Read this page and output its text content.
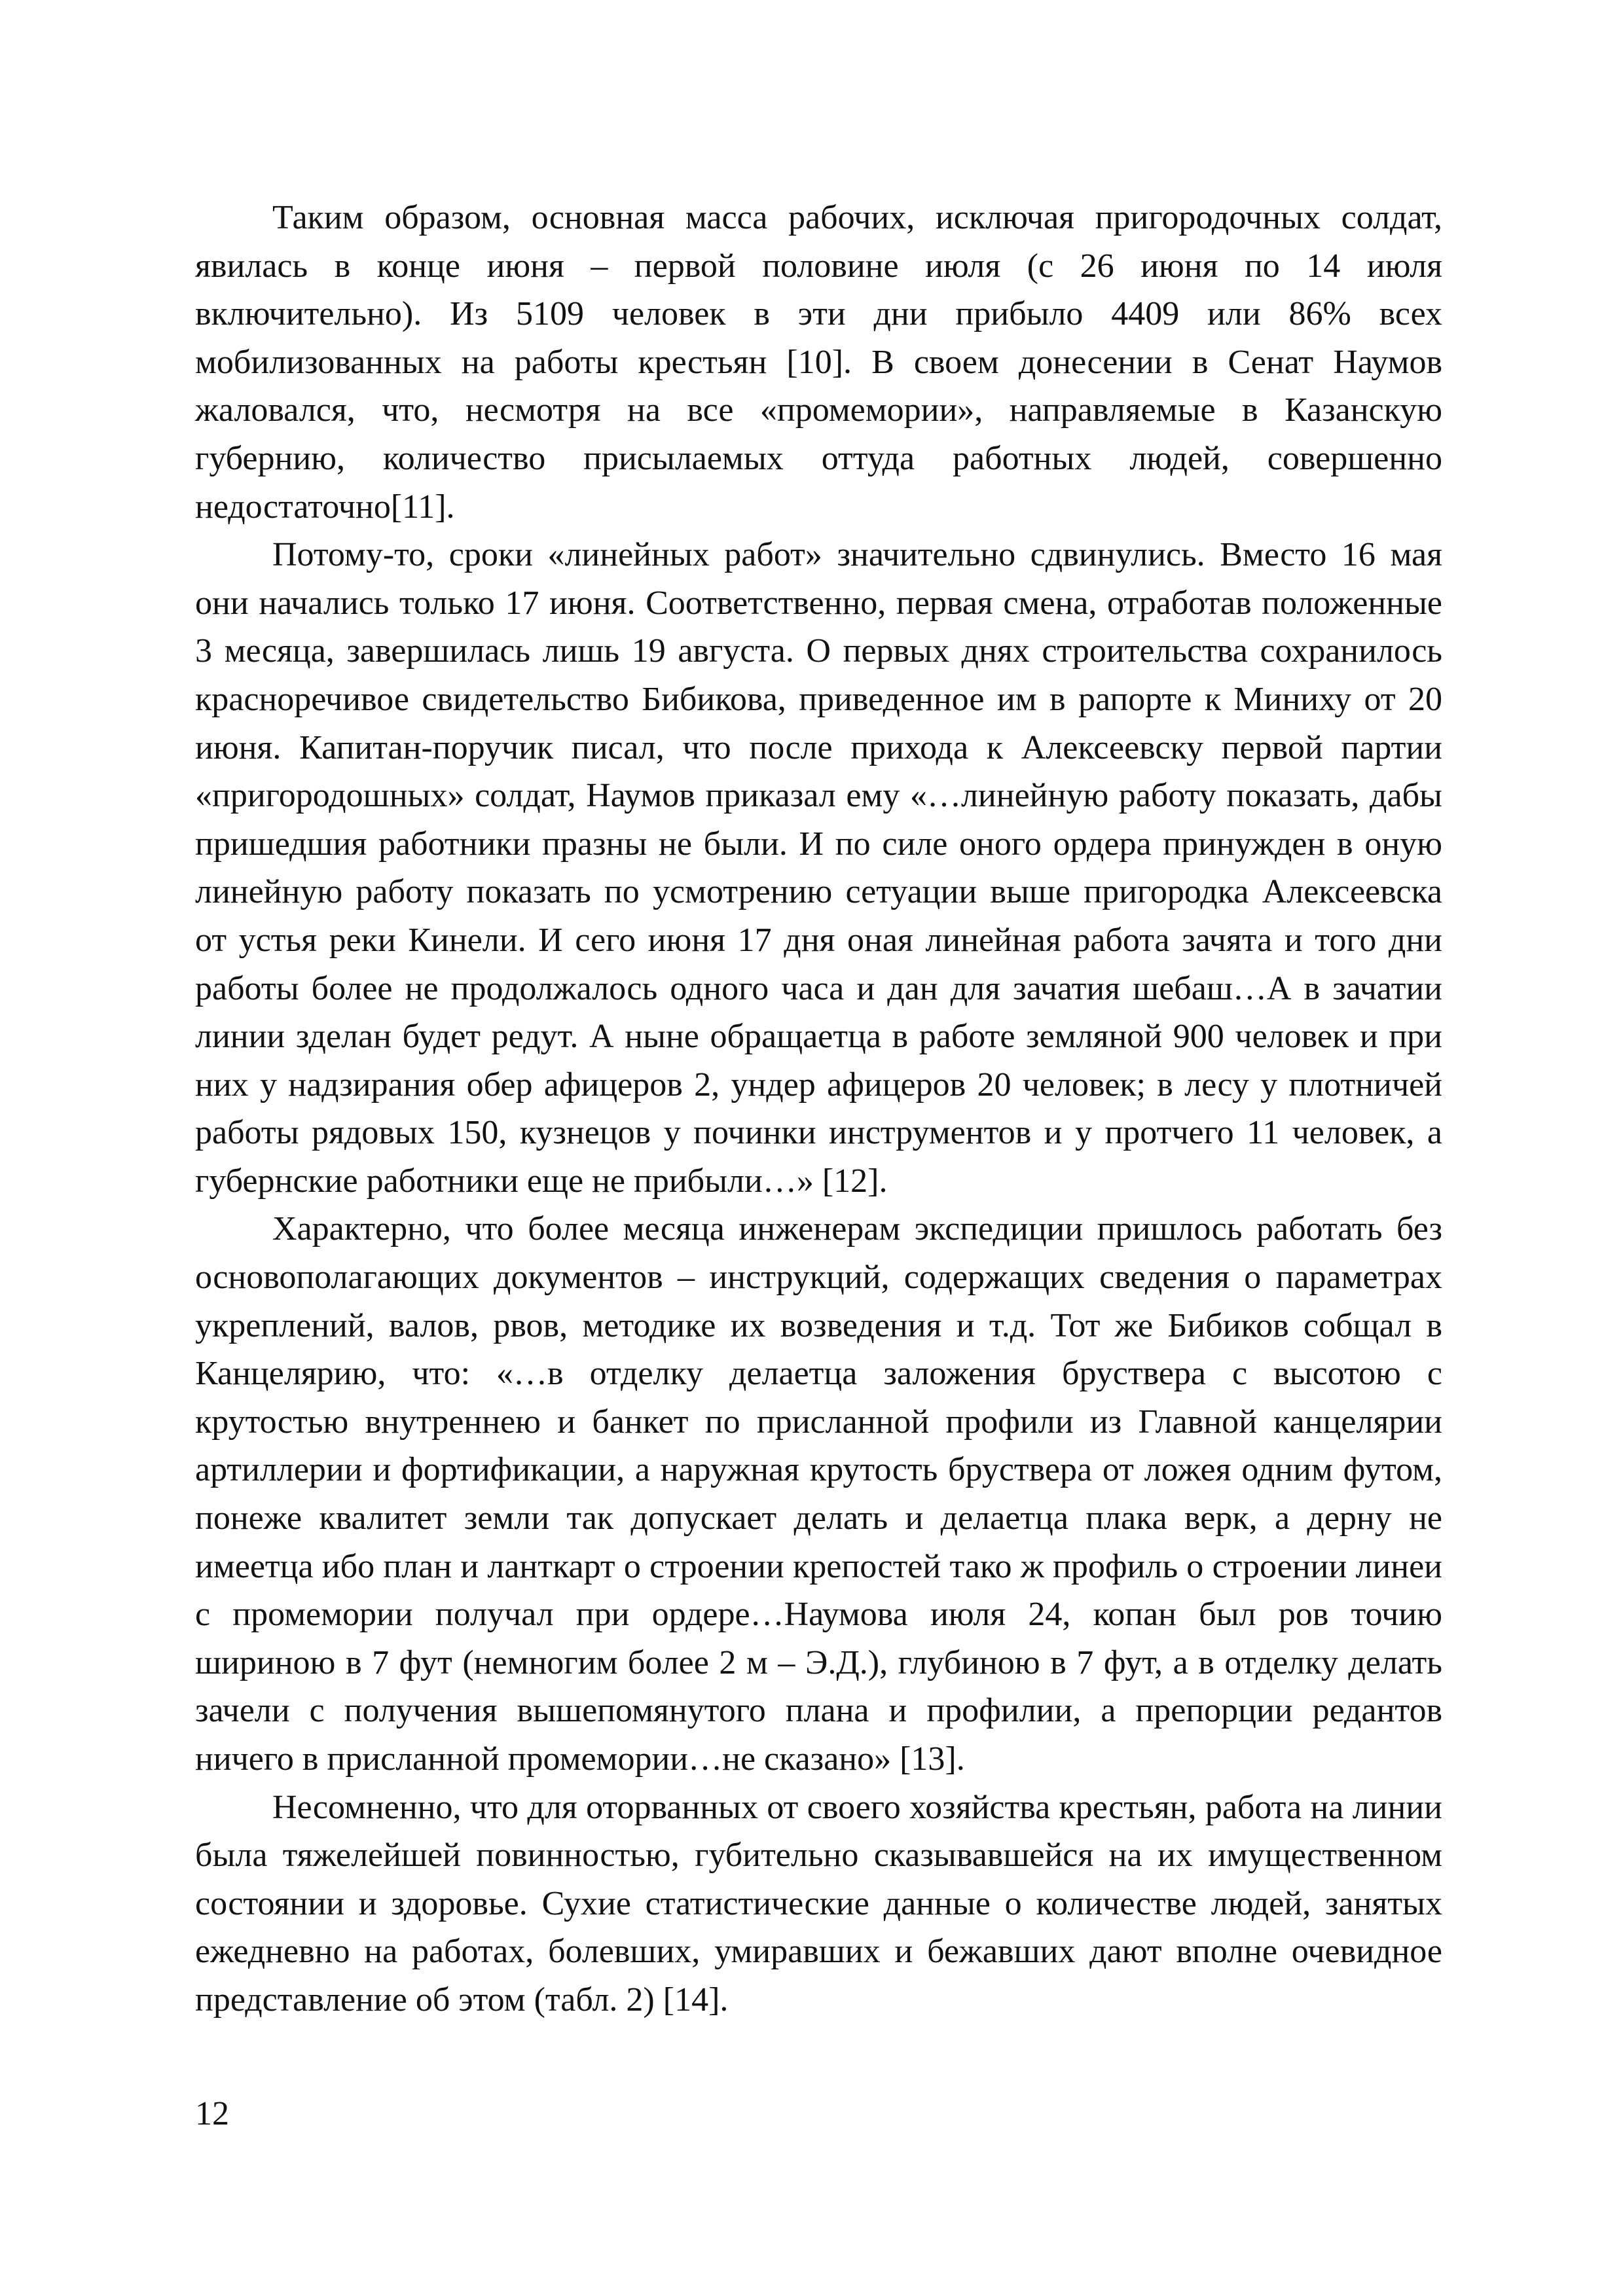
Таким образом, основная масса рабочих, исключая пригородочных солдат, явилась в конце июня – первой половине июля (с 26 июня по 14 июля включительно). Из 5109 человек в эти дни прибыло 4409 или 86% всех мобилизованных на работы крестьян [10]. В своем донесении в Сенат Наумов жаловался, что, несмотря на все «промемории», направляемые в Казанскую губернию, количество присылаемых оттуда работных людей, совершенно недостаточно[11].

Потому-то, сроки «линейных работ» значительно сдвинулись. Вместо 16 мая они начались только 17 июня. Соответственно, первая смена, отработав положенные 3 месяца, завершилась лишь 19 августа. О первых днях строительства сохранилось красноречивое свидетельство Бибикова, приведенное им в рапорте к Миниху от 20 июня. Капитан-поручик писал, что после прихода к Алексеевску первой партии «пригородошных» солдат, Наумов приказал ему «…линейную работу показать, дабы пришедшия работники празны не были. И по силе оного ордера принужден в оную линейную работу показать по усмотрению сетуации выше пригородка Алексеевска от устья реки Кинели. И сего июня 17 дня оная линейная работа зачята и того дни работы более не продолжалось одного часа и дан для зачатия шебаш…А в зачатии линии зделан будет редут. А ныне обращаетца в работе земляной 900 человек и при них у надзирания обер афицеров 2, ундер афицеров 20 человек; в лесу у плотничей работы рядовых 150, кузнецов у починки инструментов и у протчего 11 человек, а губернские работники еще не прибыли…» [12].

Характерно, что более месяца инженерам экспедиции пришлось работать без основополагающих документов – инструкций, содержащих сведения о параметрах укреплений, валов, рвов, методике их возведения и т.д. Тот же Бибиков собщал в Канцелярию, что: «…в отделку делаетца заложения бруствера с высотою с крутостью внутреннею и банкет по присланной профили из Главной канцелярии артиллерии и фортификации, а наружная крутость бруствера от ложея одним футом, понеже квалитет земли так допускает делать и делаетца плака верк, а дерну не имеетца ибо план и ланткарт о строении крепостей тако ж профиль о строении линеи с промемории получал при ордере…Наумова июля 24, копан был ров точию шириною в 7 фут (немногим более 2 м – Э.Д.), глубиною в 7 фут, а в отделку делать зачели с получения вышепомянутого плана и профилии, а препорции редантов ничего в присланной промемории…не сказано» [13].

Несомненно, что для оторванных от своего хозяйства крестьян, работа на линии была тяжелейшей повинностью, губительно сказывавшейся на их имущественном состоянии и здоровье. Сухие статистические данные о количестве людей, занятых ежедневно на работах, болевших, умиравших и бежавших дают вполне очевидное представление об этом (табл. 2) [14].

12
